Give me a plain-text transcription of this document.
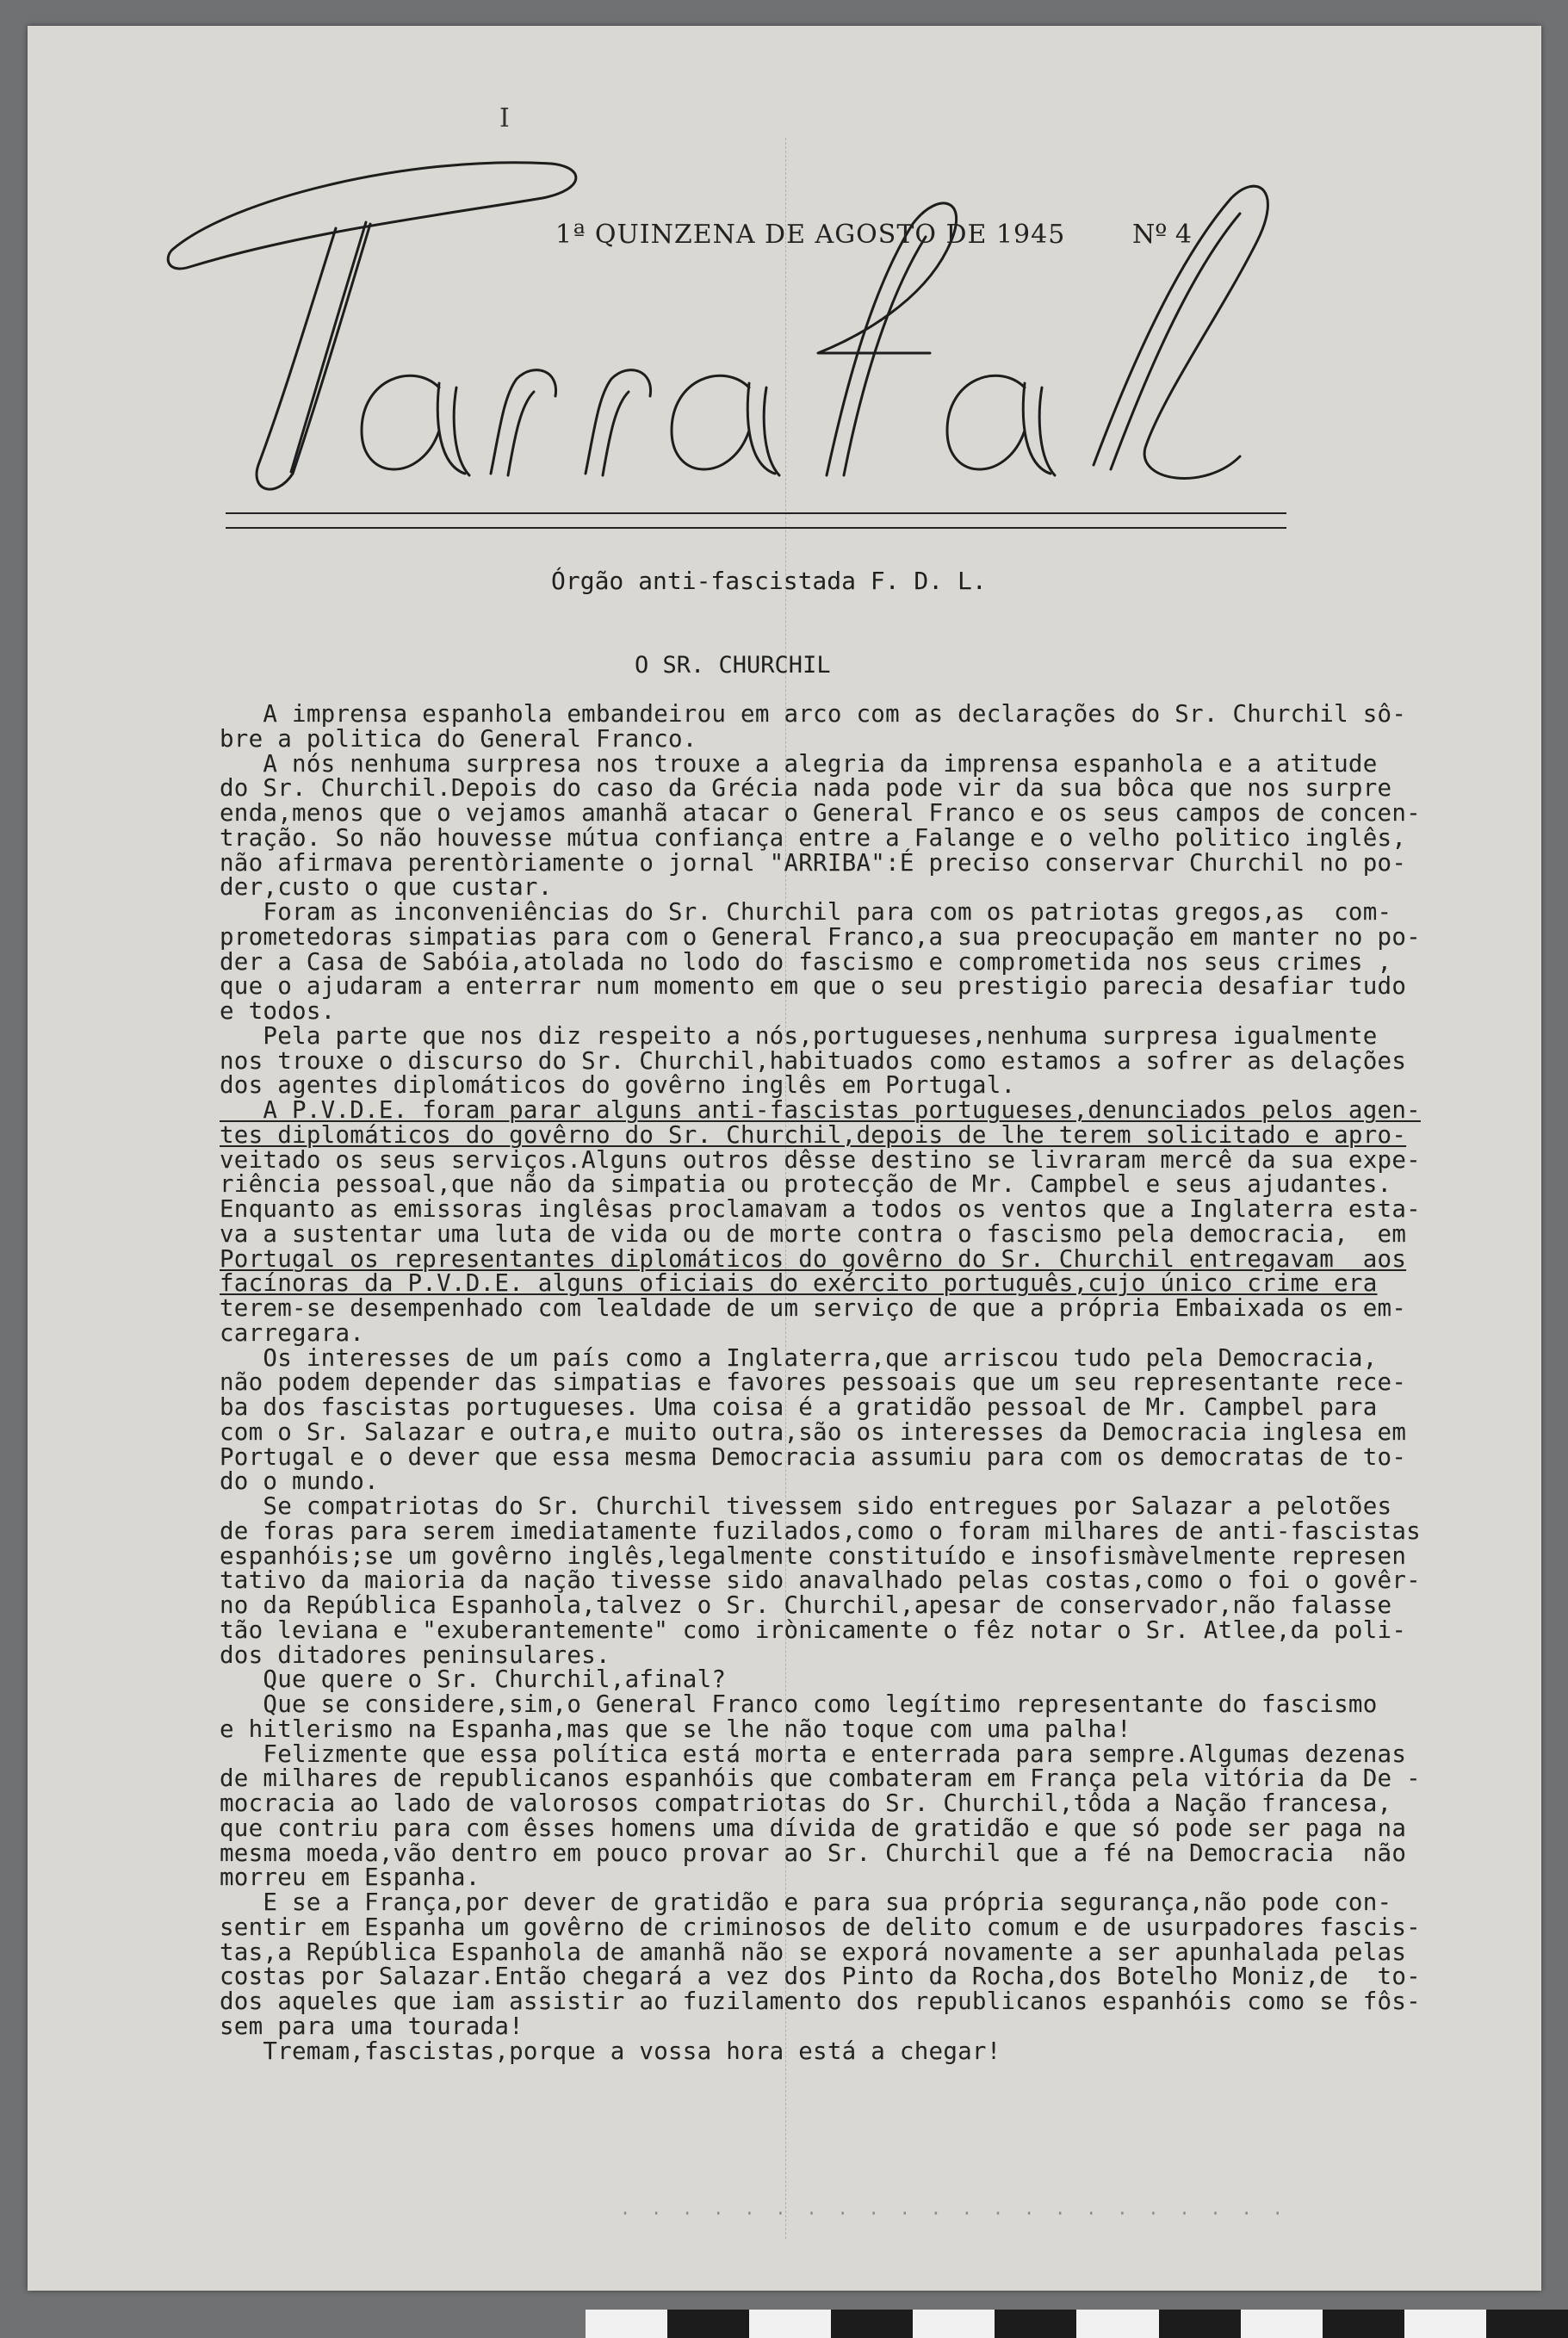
I
1ª QUINZENA DE AGOSTO DE 1945	Nº 4
Órgão anti-fascistada F. D. L.
O SR. CHURCHIL
A imprensa espanhola embandeirou em arco com as declarações do Sr. Churchil sô-
bre a politica do General Franco.
A nós nenhuma surpresa nos trouxe a alegria da imprensa espanhola e a atitude
do Sr. Churchil.Depois do caso da Grécia nada pode vir da sua bôca que nos surpre
enda,menos que o vejamos amanhã atacar o General Franco e os seus campos de concen-
tração. So não houvesse mútua confiança entre a Falange e o velho politico inglês,
não afirmava perentòriamente o jornal "ARRIBA":É preciso conservar Churchil no po-
der,custo o que custar.
Foram as inconveniências do Sr. Churchil para com os patriotas gregos,as  com-
prometedoras simpatias para com o General Franco,a sua preocupação em manter no po-
der a Casa de Sabóia,atolada no lodo do fascismo e comprometida nos seus crimes ,
que o ajudaram a enterrar num momento em que o seu prestigio parecia desafiar tudo
e todos.
Pela parte que nos diz respeito a nós,portugueses,nenhuma surpresa igualmente
nos trouxe o discurso do Sr. Churchil,habituados como estamos a sofrer as delações
dos agentes diplomáticos do govêrno inglês em Portugal.
A P.V.D.E. foram parar alguns anti-fascistas portugueses,denunciados pelos agen-
tes diplomáticos do govêrno do Sr. Churchil,depois de lhe terem solicitado e apro-
veitado os seus serviços.Alguns outros dêsse destino se livraram mercê da sua expe-
riência pessoal,que não da simpatia ou protecção de Mr. Campbel e seus ajudantes.
Enquanto as emissoras inglêsas proclamavam a todos os ventos que a Inglaterra esta-
va a sustentar uma luta de vida ou de morte contra o fascismo pela democracia,  em
Portugal os representantes diplomáticos do govêrno do Sr. Churchil entregavam  aos
facínoras da P.V.D.E. alguns oficiais do exército português,cujo único crime era
terem-se desempenhado com lealdade de um serviço de que a própria Embaixada os em-
carregara.
Os interesses de um país como a Inglaterra,que arriscou tudo pela Democracia,
não podem depender das simpatias e favores pessoais que um seu representante rece-
ba dos fascistas portugueses. Uma coisa é a gratidão pessoal de Mr. Campbel para
com o Sr. Salazar e outra,e muito outra,são os interesses da Democracia inglesa em
Portugal e o dever que essa mesma Democracia assumiu para com os democratas de to-
do o mundo.
Se compatriotas do Sr. Churchil tivessem sido entregues por Salazar a pelotões
de foras para serem imediatamente fuzilados,como o foram milhares de anti-fascistas
espanhóis;se um govêrno inglês,legalmente constituído e insofismàvelmente represen
tativo da maioria da nação tivesse sido anavalhado pelas costas,como o foi o govêr-
no da República Espanhola,talvez o Sr. Churchil,apesar de conservador,não falasse
tão leviana e "exuberantemente" como irònicamente o fêz notar o Sr. Atlee,da poli-
dos ditadores peninsulares.
Que quere o Sr. Churchil,afinal?
Que se considere,sim,o General Franco como legítimo representante do fascismo
e hitlerismo na Espanha,mas que se lhe não toque com uma palha!
Felizmente que essa política está morta e enterrada para sempre.Algumas dezenas
de milhares de republicanos espanhóis que combateram em França pela vitória da De -
mocracia ao lado de valorosos compatriotas do Sr. Churchil,tôda a Nação francesa,
que contriu para com êsses homens uma dívida de gratidão e que só pode ser paga na
mesma moeda,vão dentro em pouco provar ao Sr. Churchil que a fé na Democracia  não
morreu em Espanha.
E se a França,por dever de gratidão e para sua própria segurança,não pode con-
sentir em Espanha um govêrno de criminosos de delito comum e de usurpadores fascis-
tas,a República Espanhola de amanhã não se exporá novamente a ser apunhalada pelas
costas por Salazar.Então chegará a vez dos Pinto da Rocha,dos Botelho Moniz,de  to-
dos aqueles que iam assistir ao fuzilamento dos republicanos espanhóis como se fôs-
sem para uma tourada!
Tremam,fascistas,porque a vossa hora está a chegar!
· · · · · · · · · · · · · · · · · · · · · ·
